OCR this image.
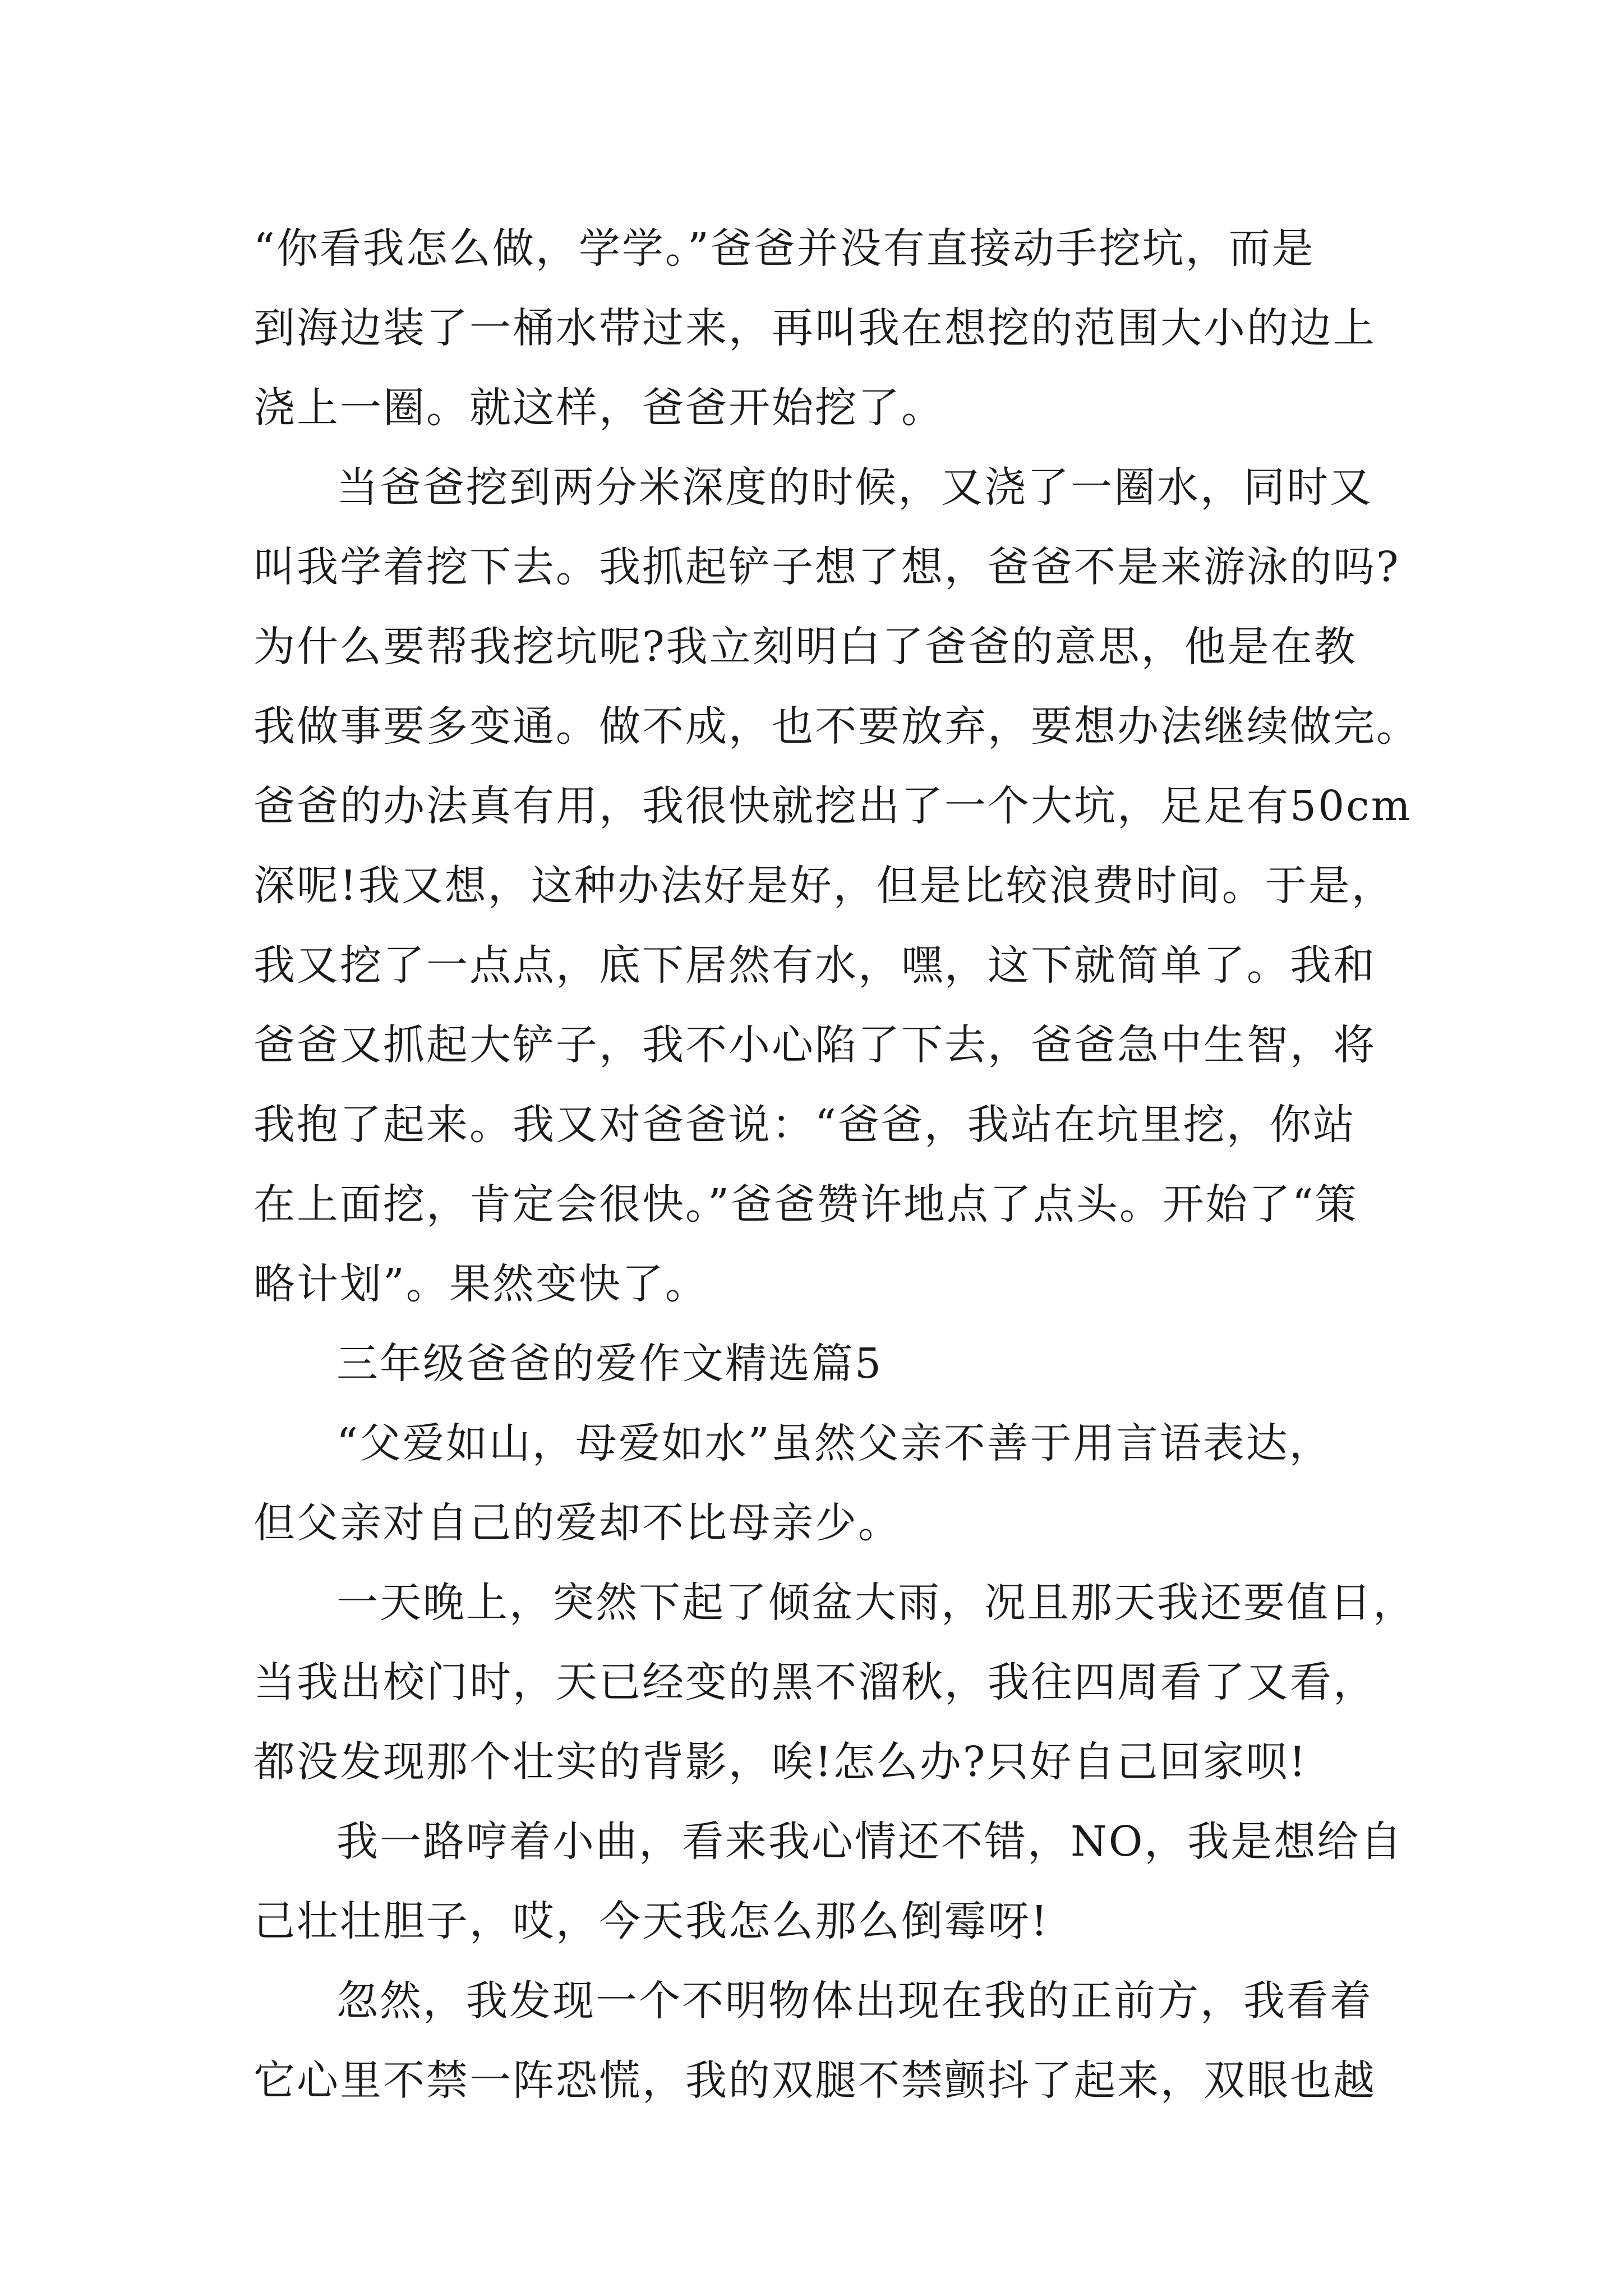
“你看我怎么做，学学。”爸爸并没有直接动手挖坑，而是
到海边装了一桶水带过来，再叫我在想挖的范围大小的边上
浇上一圈。就这样，爸爸开始挖了。
当爸爸挖到两分米深度的时候，又浇了一圈水，同时又
叫我学着挖下去。我抓起铲子想了想，爸爸不是来游泳的吗?
为什么要帮我挖坑呢?我立刻明白了爸爸的意思，他是在教
我做事要多变通。做不成，也不要放弃，要想办法继续做完。
爸爸的办法真有用，我很快就挖出了一个大坑，足足有50cm
深呢!我又想，这种办法好是好，但是比较浪费时间。于是，
我又挖了一点点，底下居然有水，嘿，这下就简单了。我和
爸爸又抓起大铲子，我不小心陷了下去，爸爸急中生智，将
我抱了起来。我又对爸爸说：“爸爸，我站在坑里挖，你站
在上面挖，肯定会很快。”爸爸赞许地点了点头。开始了“策
略计划”。果然变快了。
三年级爸爸的爱作文精选篇5
“父爱如山，母爱如水”虽然父亲不善于用言语表达，
但父亲对自己的爱却不比母亲少。
一天晚上，突然下起了倾盆大雨，况且那天我还要值日，
当我出校门时，天已经变的黑不溜秋，我往四周看了又看，
都没发现那个壮实的背影，唉!怎么办?只好自己回家呗!
我一路哼着小曲，看来我心情还不错，NO，我是想给自
己壮壮胆子，哎，今天我怎么那么倒霉呀!
忽然，我发现一个不明物体出现在我的正前方，我看着
它心里不禁一阵恐慌，我的双腿不禁颤抖了起来，双眼也越
